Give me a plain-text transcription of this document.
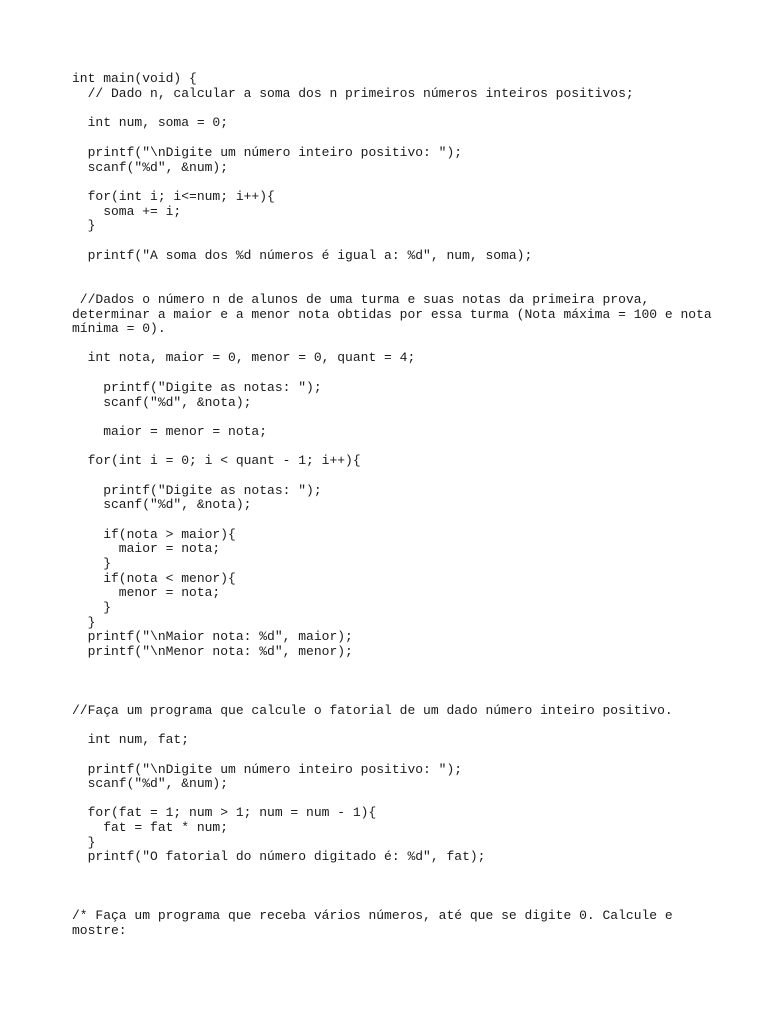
int main(void) {
// Dado n, calcular a soma dos n primeiros números inteiros positivos;
int num, soma = 0;
printf("\nDigite um número inteiro positivo: ");
scanf("%d", &num);
for(int i; i<=num; i++){
soma += i;
}
printf("A soma dos %d números é igual a: %d", num, soma);
//Dados o número n de alunos de uma turma e suas notas da primeira prova,
determinar a maior e a menor nota obtidas por essa turma (Nota máxima = 100 e nota
mínima = 0).
int nota, maior = 0, menor = 0, quant = 4;
printf("Digite as notas: ");
scanf("%d", &nota);
maior = menor = nota;
for(int i = 0; i < quant - 1; i++){
printf("Digite as notas: ");
scanf("%d", &nota);
if(nota > maior){
maior = nota;
}
if(nota < menor){
menor = nota;
}
}
printf("\nMaior nota: %d", maior);
printf("\nMenor nota: %d", menor);
//Faça um programa que calcule o fatorial de um dado número inteiro positivo.
int num, fat;
printf("\nDigite um número inteiro positivo: ");
scanf("%d", &num);
for(fat = 1; num > 1; num = num - 1){
fat = fat * num;
}
printf("O fatorial do número digitado é: %d", fat);
/* Faça um programa que receba vários números, até que se digite 0. Calcule e
mostre:
